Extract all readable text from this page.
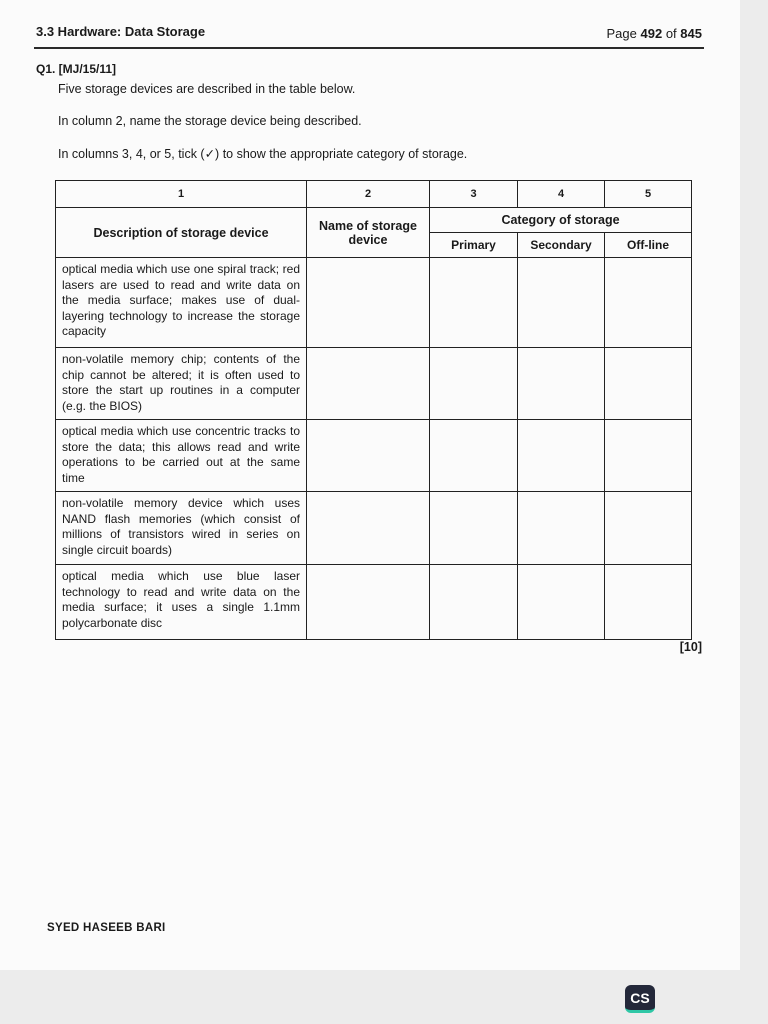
3.3 Hardware: Data Storage	Page 492 of 845
Q1. [MJ/15/11]
Five storage devices are described in the table below.
In column 2, name the storage device being described.
In columns 3, 4, or 5, tick (✓) to show the appropriate category of storage.
1	2	3	4	5
Description of storage device	Name of storage device	Category of storage		
		Primary	Secondary	Off-line
optical media which use one spiral track; red lasers are used to read and write data on the media surface; makes use of dual-layering technology to increase the storage capacity				
non-volatile memory chip; contents of the chip cannot be altered; it is often used to store the start up routines in a computer (e.g. the BIOS)				
optical media which use concentric tracks to store the data; this allows read and write operations to be carried out at the same time				
non-volatile memory device which uses NAND flash memories (which consist of millions of transistors wired in series on single circuit boards)				
optical media which use blue laser technology to read and write data on the media surface; it uses a single 1.1mm polycarbonate disc				
[10]
SYED HASEEB BARI
CS
